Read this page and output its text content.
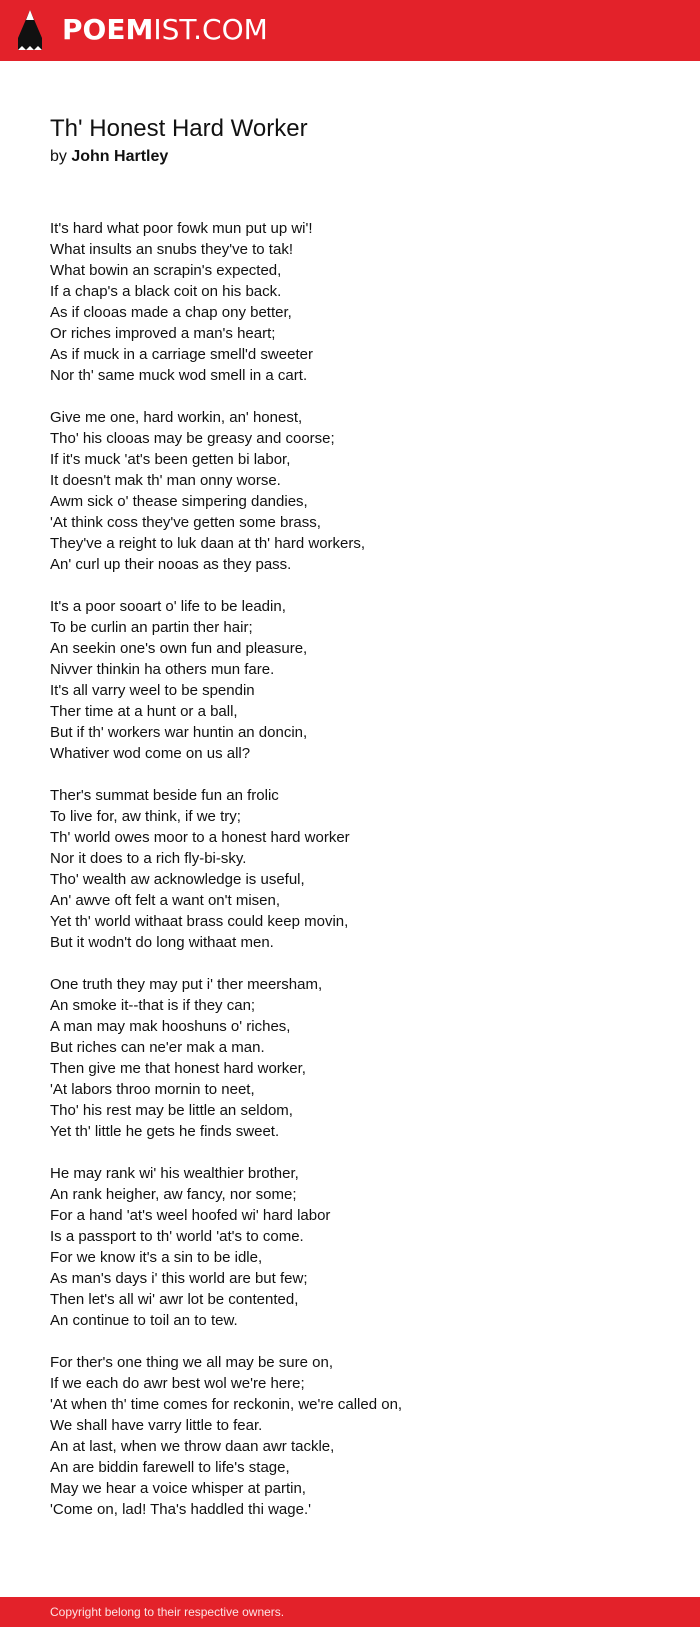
POEMIST.COM
Th' Honest Hard Worker
by John Hartley
It's hard what poor fowk mun put up wi'!
What insults an snubs they've to tak!
What bowin an scrapin's expected,
If a chap's a black coit on his back.
As if clooas made a chap ony better,
Or riches improved a man's heart;
As if muck in a carriage smell'd sweeter
Nor th' same muck wod smell in a cart.
Give me one, hard workin, an' honest,
Tho' his clooas may be greasy and coorse;
If it's muck 'at's been getten bi labor,
It doesn't mak th' man onny worse.
Awm sick o' thease simpering dandies,
'At think coss they've getten some brass,
They've a reight to luk daan at th' hard workers,
An' curl up their nooas as they pass.
It's a poor sooart o' life to be leadin,
To be curlin an partin ther hair;
An seekin one's own fun and pleasure,
Nivver thinkin ha others mun fare.
It's all varry weel to be spendin
Ther time at a hunt or a ball,
But if th' workers war huntin an doncin,
Whativer wod come on us all?
Ther's summat beside fun an frolic
To live for, aw think, if we try;
Th' world owes moor to a honest hard worker
Nor it does to a rich fly-bi-sky.
Tho' wealth aw acknowledge is useful,
An' awve oft felt a want on't misen,
Yet th' world withaat brass could keep movin,
But it wodn't do long withaat men.
One truth they may put i' ther meersham,
An smoke it--that is if they can;
A man may mak hooshuns o' riches,
But riches can ne'er mak a man.
Then give me that honest hard worker,
'At labors throo mornin to neet,
Tho' his rest may be little an seldom,
Yet th' little he gets he finds sweet.
He may rank wi' his wealthier brother,
An rank heigher, aw fancy, nor some;
For a hand 'at's weel hoofed wi' hard labor
Is a passport to th' world 'at's to come.
For we know it's a sin to be idle,
As man's days i' this world are but few;
Then let's all wi' awr lot be contented,
An continue to toil an to tew.
For ther's one thing we all may be sure on,
If we each do awr best wol we're here;
'At when th' time comes for reckonin, we're called on,
We shall have varry little to fear.
An at last, when we throw daan awr tackle,
An are biddin farewell to life's stage,
May we hear a voice whisper at partin,
'Come on, lad! Tha's haddled thi wage.'
Copyright belong to their respective owners.
